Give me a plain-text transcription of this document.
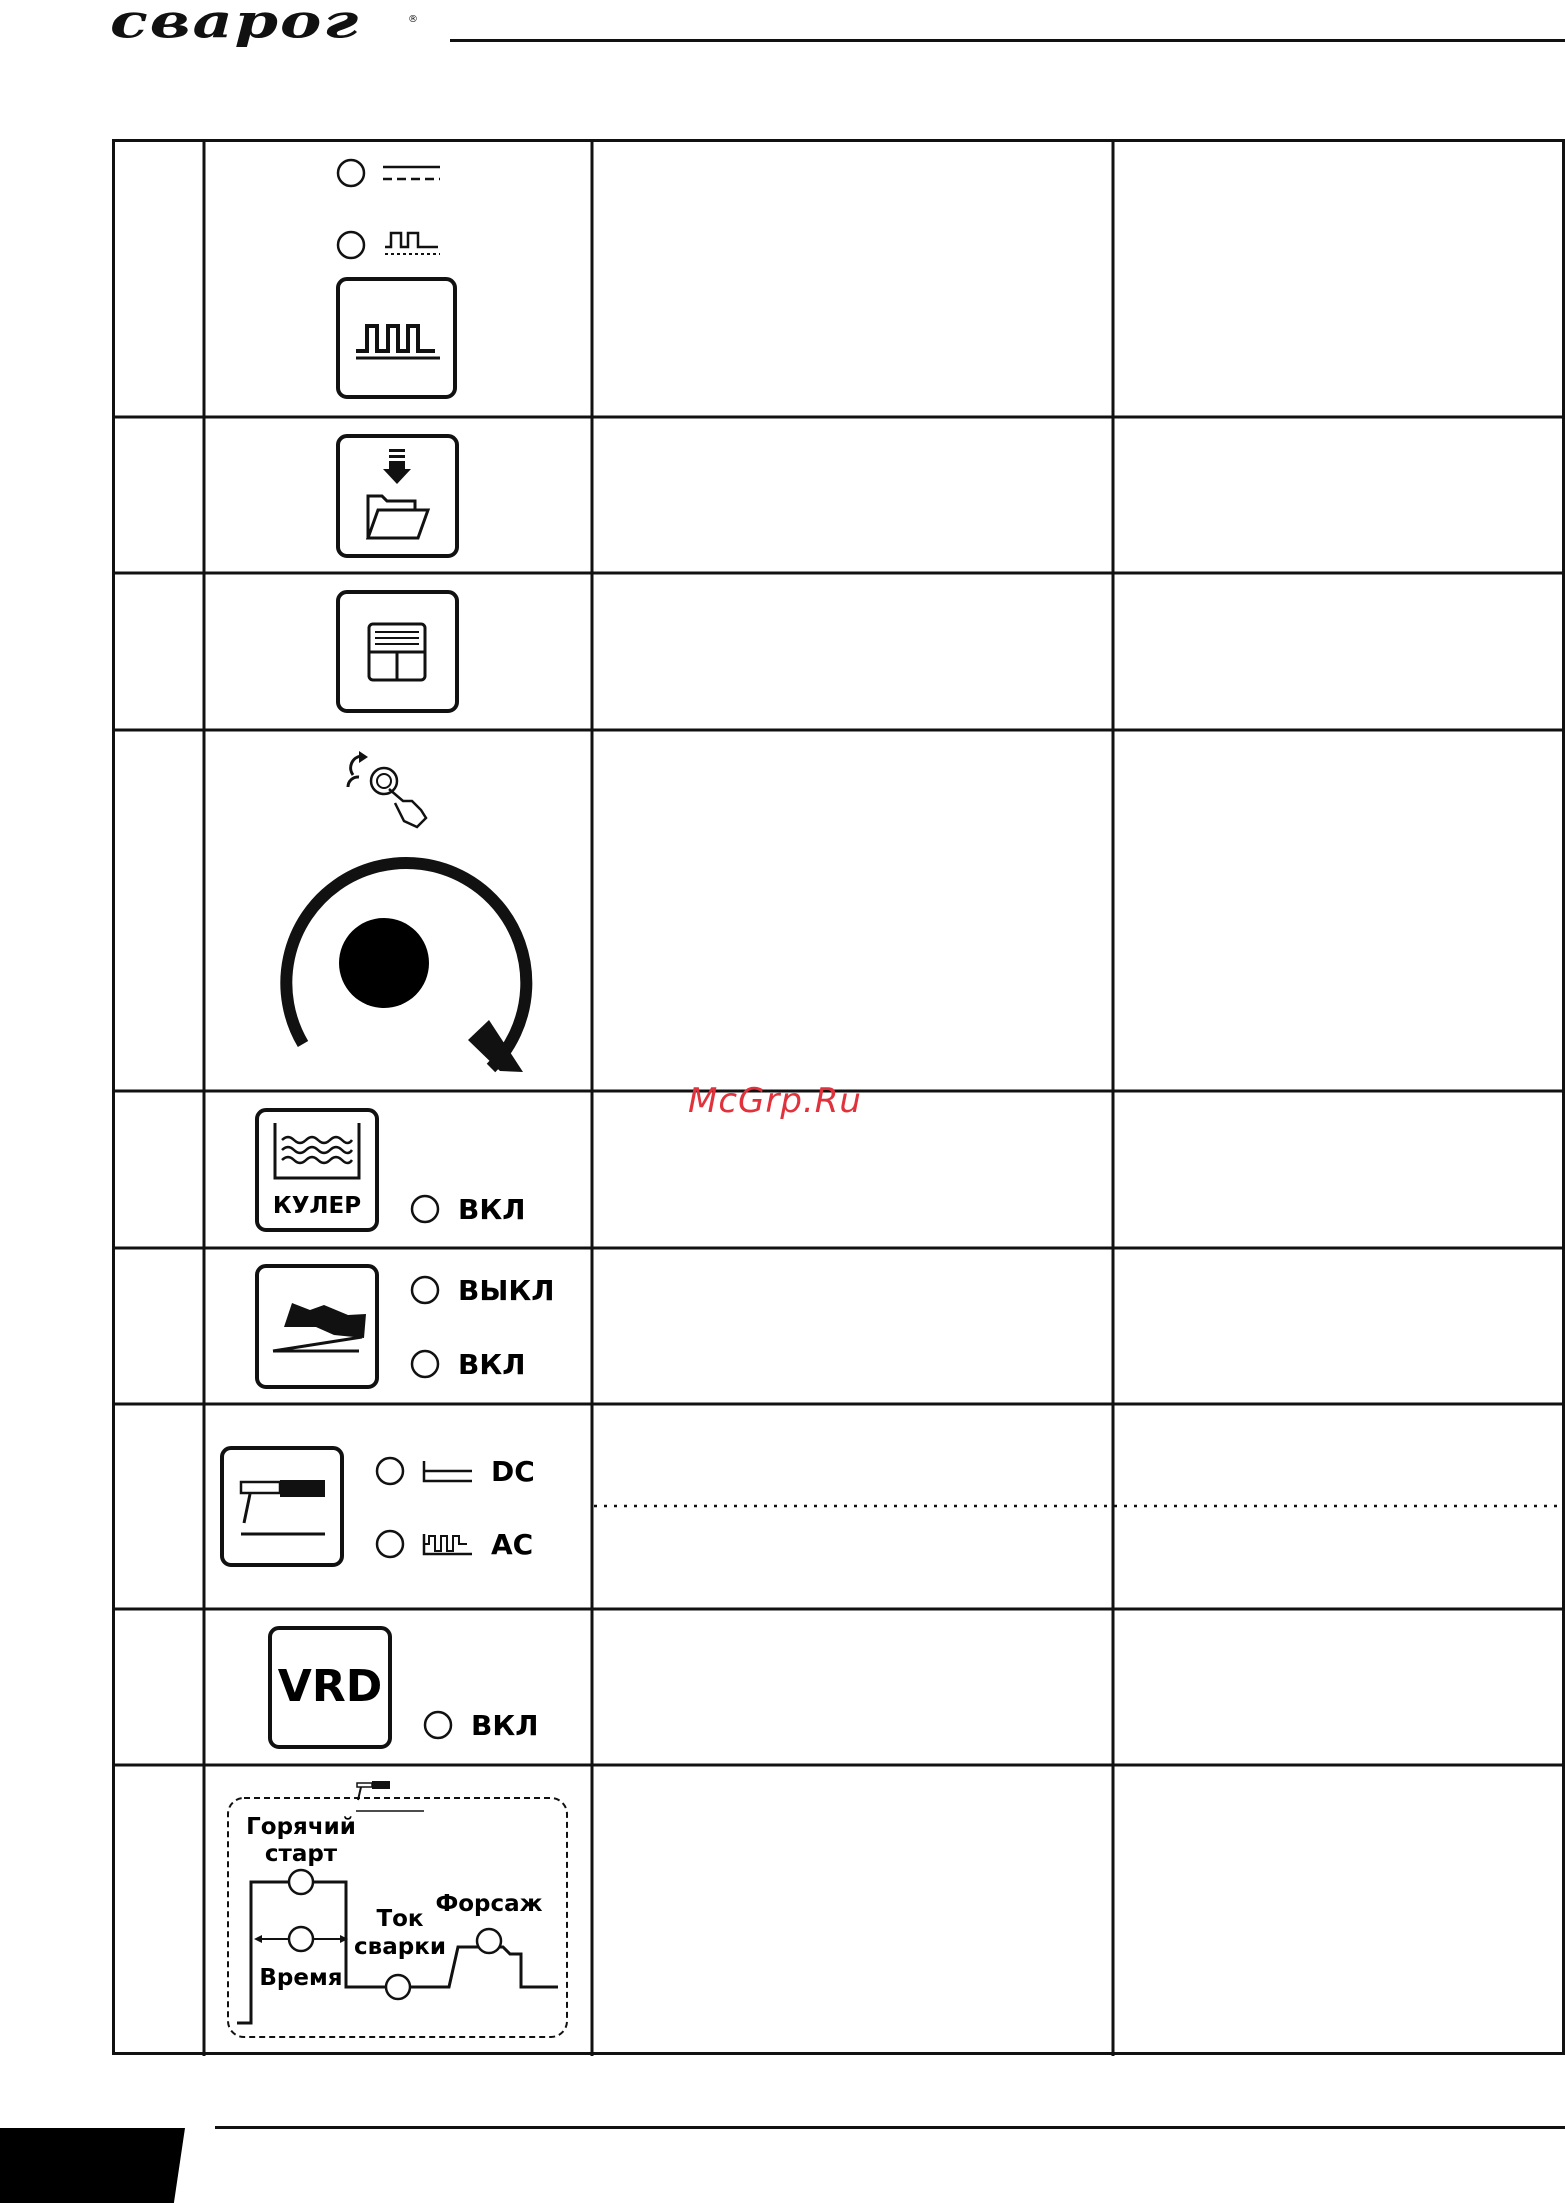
сварог	®
КУЛЕР	ВКЛ
ВЫКЛ
ВКЛ
DC
AC
VRD
ВКЛ
Горячий
старт
Время
Ток
сварки
Форсаж
McGrp.Ru
